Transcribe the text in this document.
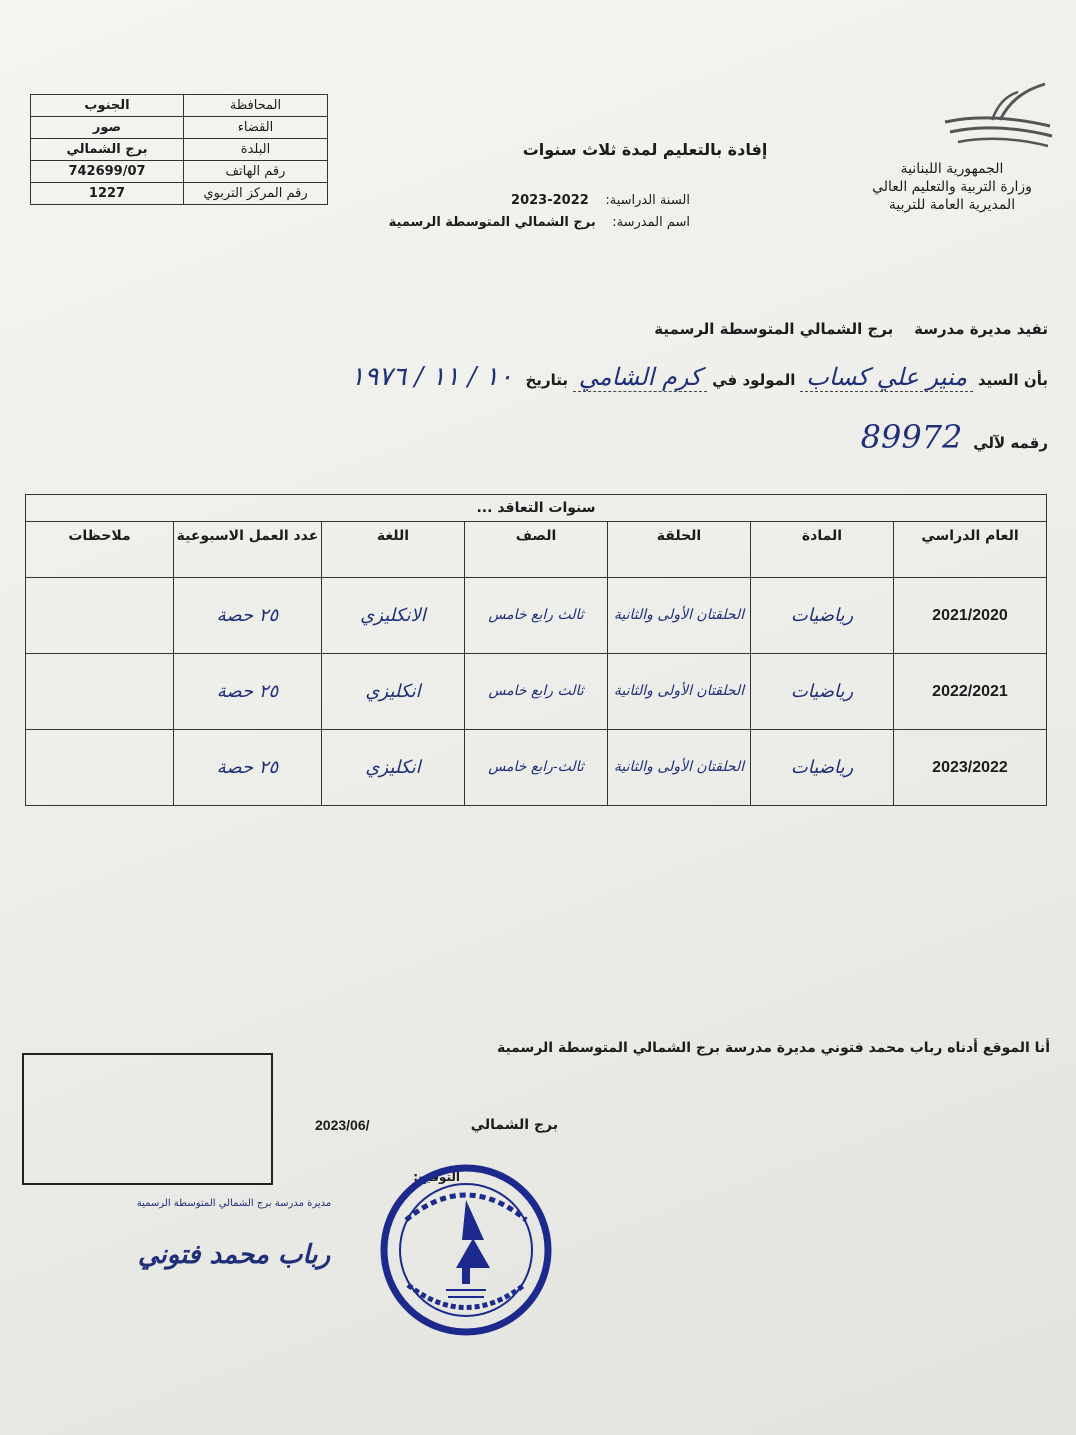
الجمهورية اللبنانية
وزارة التربية والتعليم العالي
المديرية العامة للتربية
إفادة بالتعليم لمدة ثلاث سنوات
السنة الدراسية:    2022-2023
اسم المدرسة:    برج الشمالي المتوسطة الرسمية
الجنوب	المحافظة
صور	القضاء
برج الشمالي	البلدة
742699/07	رقم الهاتف
1227	رقم المركز التربوي
تفيد مديرة مدرسة    برج الشمالي المتوسطة الرسمية
بأن السيد منير علي كساب المولود في كرم الشامي بتاريخ ١٠ / ١١ / ١٩٧٦
رقمه لآلي 89972
سنوات التعاقد ...						
العام الدراسي	المادة	الحلقة	الصف	اللغة	عدد العمل الاسبوعية	ملاحظات
2021/2020	رياضيات	الحلقتان الأولى والثانية	ثالث رابع خامس	الانكليزي	٢٥ حصة	
2022/2021	رياضيات	الحلقتان الأولى والثانية	ثالث رابع خامس	انكليزي	٢٥ حصة	
2023/2022	رياضيات	الحلقتان الأولى والثانية	ثالث-رابع خامس	انكليزي	٢٥ حصة	
أنا الموقع أدناه رباب محمد فتوني مديرة مدرسة برج الشمالي المتوسطة الرسمية
برج الشمالي
2023/06/
التوقيع:
مديرة مدرسة برج الشمالي المتوسطة الرسمية
رباب محمد فتوني
